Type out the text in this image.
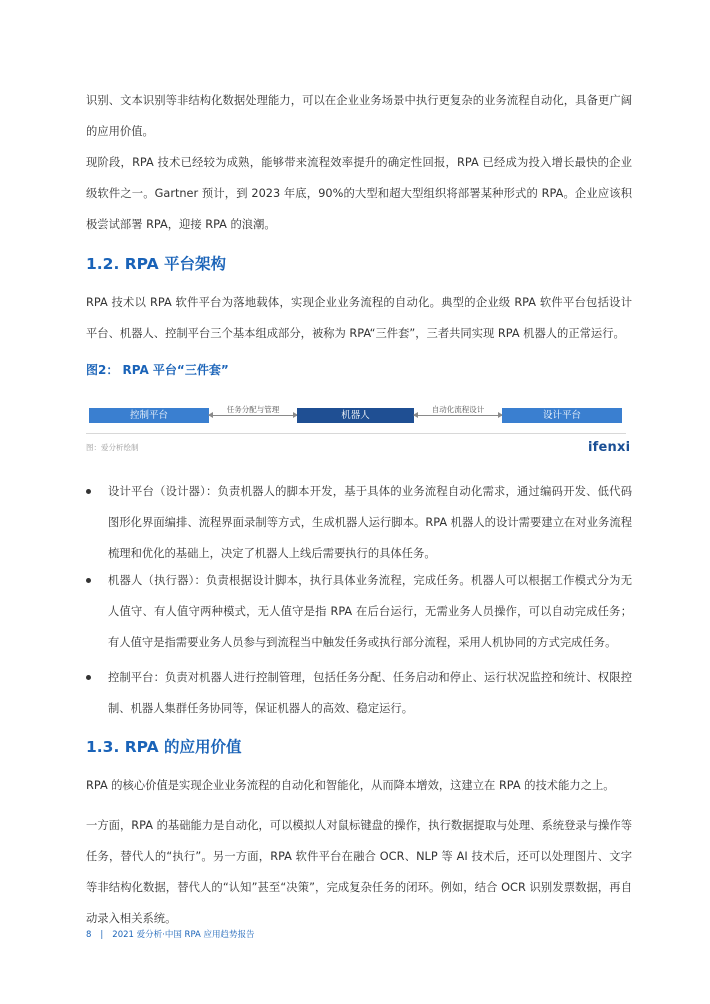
识别、文本识别等非结构化数据处理能力，可以在企业业务场景中执行更复杂的业务流程自动化，具备更广阔的应用价值。

现阶段，RPA 技术已经较为成熟，能够带来流程效率提升的确定性回报，RPA 已经成为投入增长最快的企业级软件之一。Gartner 预计，到 2023 年底，90%的大型和超大型组织将部署某种形式的 RPA。企业应该积极尝试部署 RPA，迎接 RPA 的浪潮。

1.2. RPA 平台架构

RPA 技术以 RPA 软件平台为落地载体，实现企业业务流程的自动化。典型的企业级 RPA 软件平台包括设计平台、机器人、控制平台三个基本组成部分，被称为 RPA“三件套”，三者共同实现 RPA 机器人的正常运行。

图2： RPA 平台“三件套”

控制平台
任务分配与管理
机器人
自动化流程设计
设计平台
图：爱分析绘制	ifenxi

设计平台（设计器）：负责机器人的脚本开发，基于具体的业务流程自动化需求，通过编码开发、低代码图形化界面编排、流程界面录制等方式，生成机器人运行脚本。RPA 机器人的设计需要建立在对业务流程梳理和优化的基础上，决定了机器人上线后需要执行的具体任务。

机器人（执行器）：负责根据设计脚本，执行具体业务流程，完成任务。机器人可以根据工作模式分为无人值守、有人值守两种模式，无人值守是指 RPA 在后台运行，无需业务人员操作，可以自动完成任务；有人值守是指需要业务人员参与到流程当中触发任务或执行部分流程，采用人机协同的方式完成任务。

控制平台：负责对机器人进行控制管理，包括任务分配、任务启动和停止、运行状况监控和统计、权限控制、机器人集群任务协同等，保证机器人的高效、稳定运行。

1.3. RPA 的应用价值

RPA 的核心价值是实现企业业务流程的自动化和智能化，从而降本增效，这建立在 RPA 的技术能力之上。

一方面，RPA 的基础能力是自动化，可以模拟人对鼠标键盘的操作，执行数据提取与处理、系统登录与操作等任务，替代人的“执行”。另一方面，RPA 软件平台在融合 OCR、NLP 等 AI 技术后，还可以处理图片、文字等非结构化数据，替代人的“认知”甚至“决策”，完成复杂任务的闭环。例如，结合 OCR 识别发票数据，再自动录入相关系统。

8 | 2021 爱分析·中国 RPA 应用趋势报告
